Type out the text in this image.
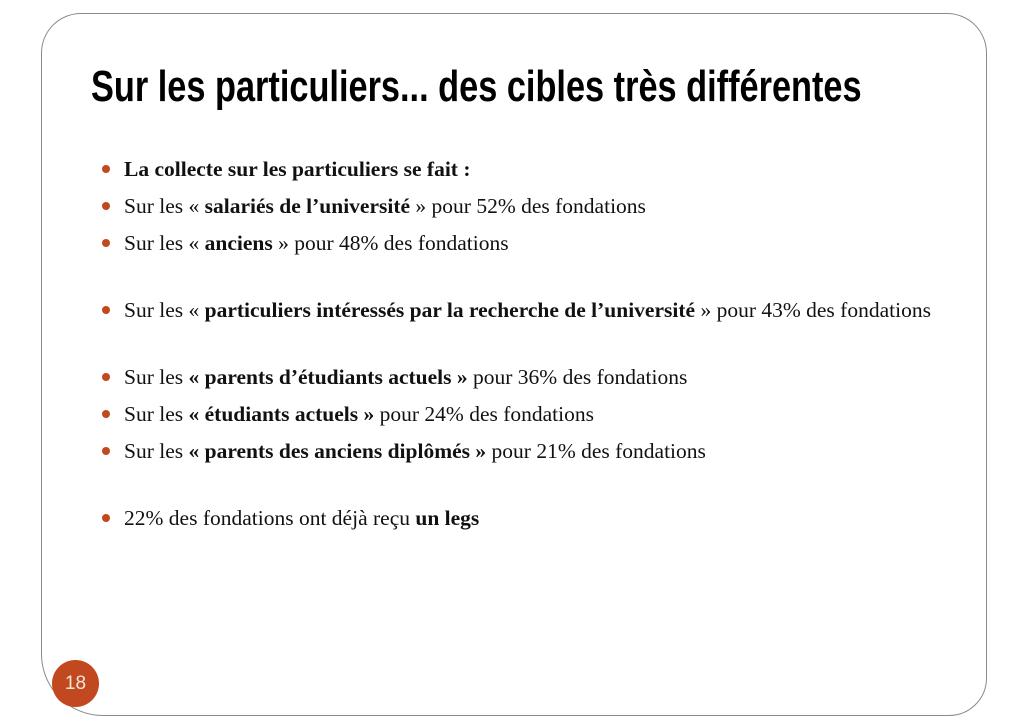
Sur les particuliers... des cibles très différentes
La collecte sur les particuliers se fait :
Sur les « salariés de l’université » pour 52% des fondations
Sur les « anciens » pour 48% des fondations
Sur les « particuliers intéressés par la recherche de l’université » pour 43% des fondations
Sur les « parents d’étudiants actuels » pour 36% des fondations
Sur les « étudiants actuels » pour 24% des fondations
Sur les « parents des anciens diplômés » pour 21% des fondations
22% des fondations ont déjà reçu un legs
18
